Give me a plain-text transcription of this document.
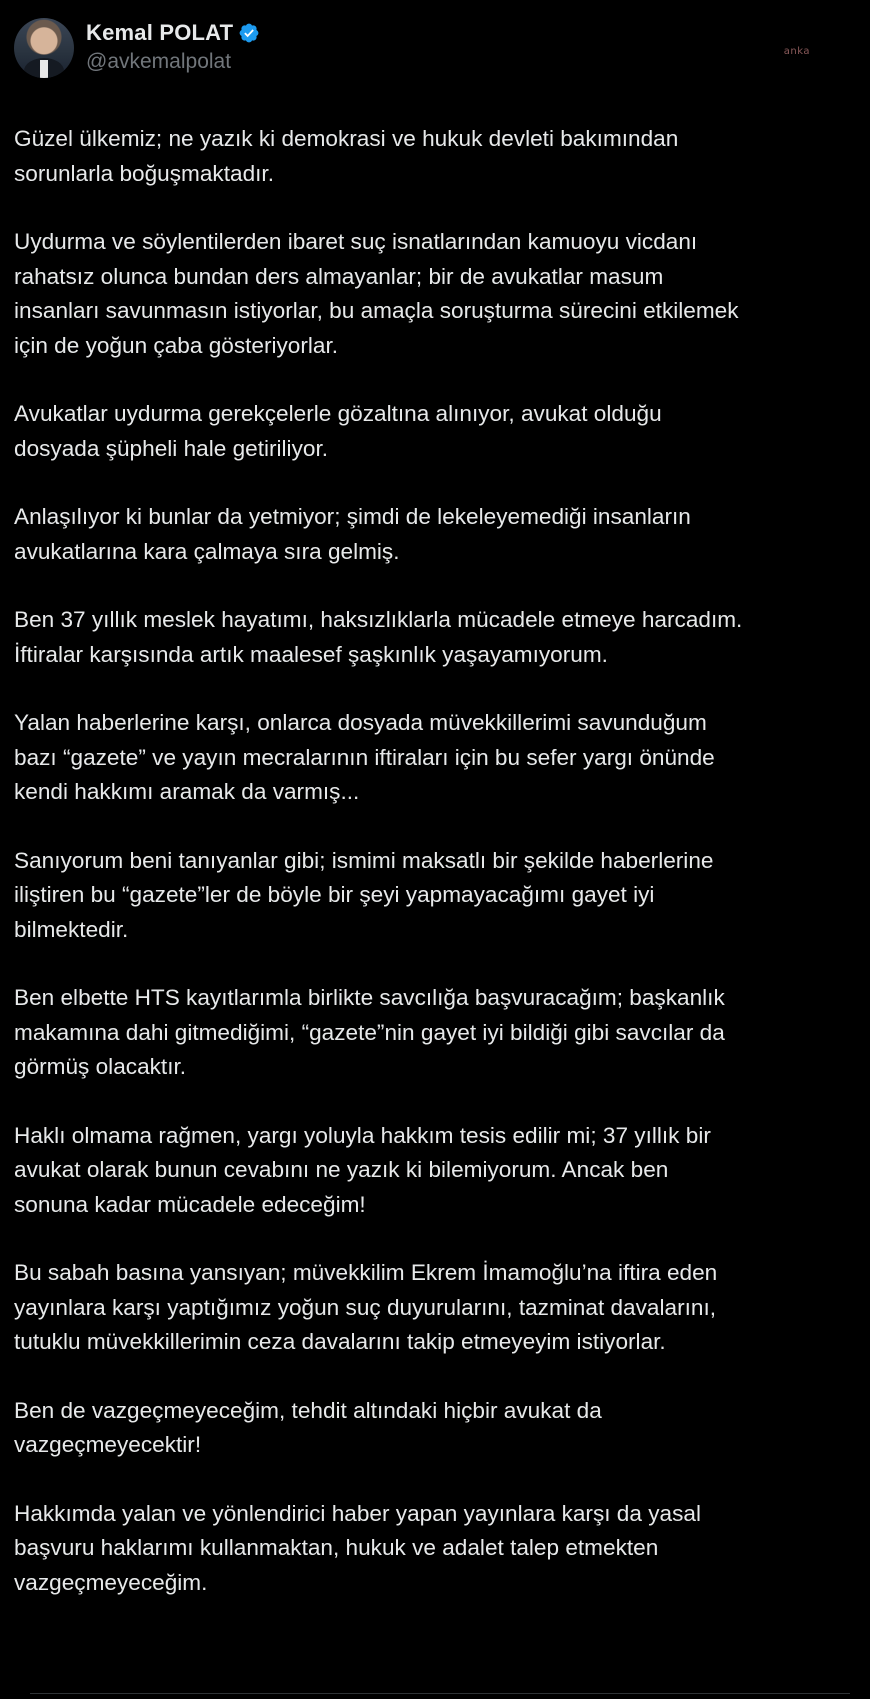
Kemal POLAT
@avkemalpolat	anka
Güzel ülkemiz; ne yazık ki demokrasi ve hukuk devleti bakımından
sorunlarla boğuşmaktadır.
Uydurma ve söylentilerden ibaret suç isnatlarından kamuoyu vicdanı
rahatsız olunca bundan ders almayanlar; bir de avukatlar masum
insanları savunmasın istiyorlar, bu amaçla soruşturma sürecini etkilemek
için de yoğun çaba gösteriyorlar.
Avukatlar uydurma gerekçelerle gözaltına alınıyor, avukat olduğu
dosyada şüpheli hale getiriliyor.
Anlaşılıyor ki bunlar da yetmiyor; şimdi de lekeleyemediği insanların
avukatlarına kara çalmaya sıra gelmiş.
Ben 37 yıllık meslek hayatımı, haksızlıklarla mücadele etmeye harcadım.
İftiralar karşısında artık maalesef şaşkınlık yaşayamıyorum.
Yalan haberlerine karşı, onlarca dosyada müvekkillerimi savunduğum
bazı “gazete” ve yayın mecralarının iftiraları için bu sefer yargı önünde
kendi hakkımı aramak da varmış...
Sanıyorum beni tanıyanlar gibi; ismimi maksatlı bir şekilde haberlerine
iliştiren bu “gazete”ler de böyle bir şeyi yapmayacağımı gayet iyi
bilmektedir.
Ben elbette HTS kayıtlarımla birlikte savcılığa başvuracağım; başkanlık
makamına dahi gitmediğimi, “gazete”nin gayet iyi bildiği gibi savcılar da
görmüş olacaktır.
Haklı olmama rağmen, yargı yoluyla hakkım tesis edilir mi; 37 yıllık bir
avukat olarak bunun cevabını ne yazık ki bilemiyorum. Ancak ben
sonuna kadar mücadele edeceğim!
Bu sabah basına yansıyan; müvekkilim Ekrem İmamoğlu’na iftira eden
yayınlara karşı yaptığımız yoğun suç duyurularını, tazminat davalarını,
tutuklu müvekkillerimin ceza davalarını takip etmeyeyim istiyorlar.
Ben de vazgeçmeyeceğim, tehdit altındaki hiçbir avukat da
vazgeçmeyecektir!
Hakkımda yalan ve yönlendirici haber yapan yayınlara karşı da yasal
başvuru haklarımı kullanmaktan, hukuk ve adalet talep etmekten
vazgeçmeyeceğim.
